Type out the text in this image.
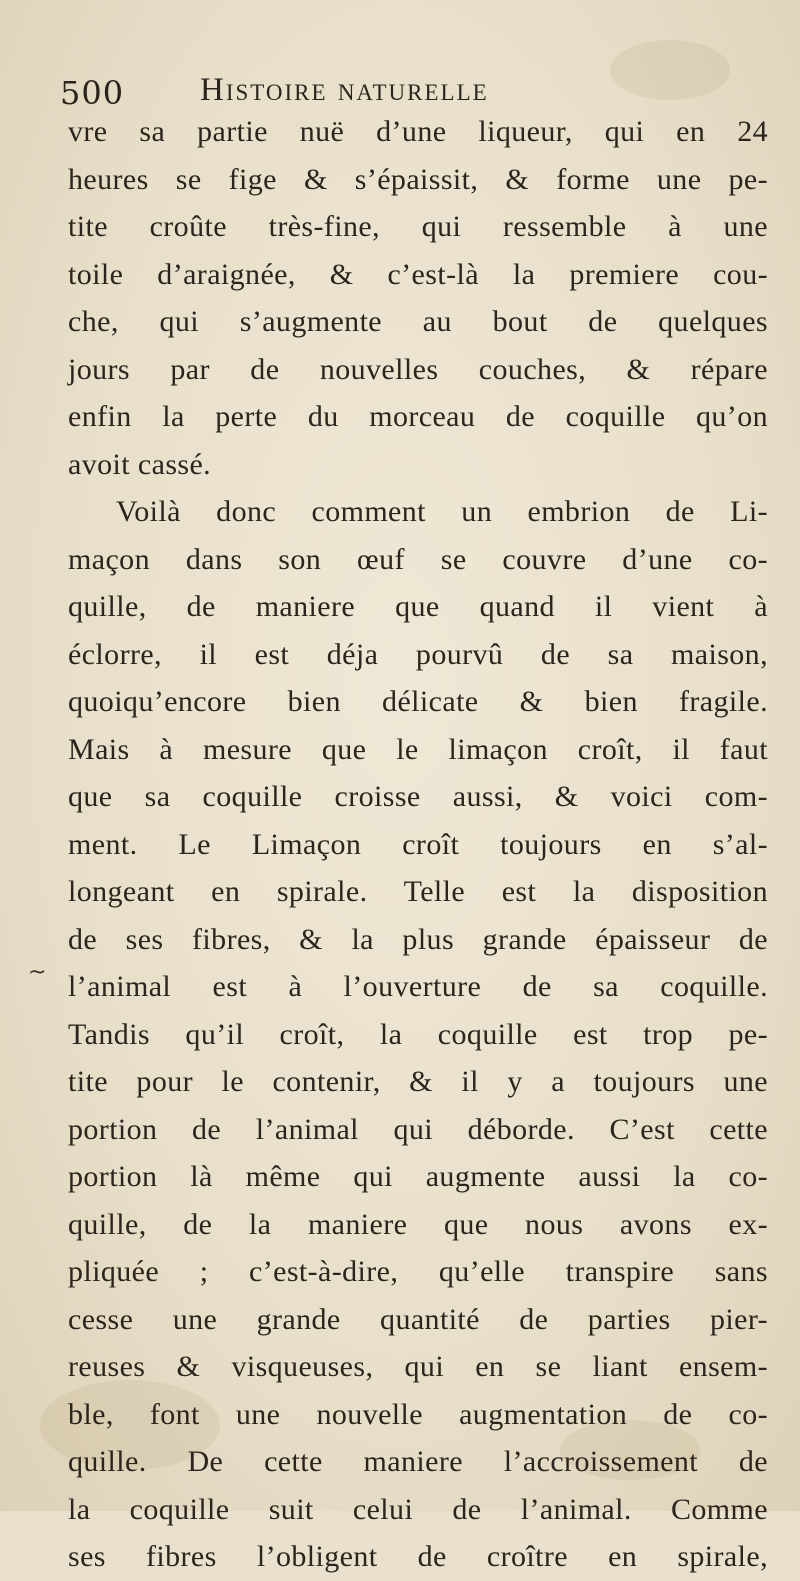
500 Histoire naturelle
~
vre sa partie nuë d’une liqueur, qui en 24
heures se fige & s’épaissit, & forme une pe-
tite croûte très-fine, qui ressemble à une
toile d’araignée, & c’est-là la premiere cou-
che, qui s’augmente au bout de quelques
jours par de nouvelles couches, & répare
enfin la perte du morceau de coquille qu’on
avoit cassé.
Voilà donc comment un embrion de Li-
maçon dans son œuf se couvre d’une co-
quille, de maniere que quand il vient à
éclorre, il est déja pourvû de sa maison,
quoiqu’encore bien délicate & bien fragile.
Mais à mesure que le limaçon croît, il faut
que sa coquille croisse aussi, & voici com-
ment. Le Limaçon croît toujours en s’al-
longeant en spirale. Telle est la disposition
de ses fibres, & la plus grande épaisseur de
l’animal est à l’ouverture de sa coquille.
Tandis qu’il croît, la coquille est trop pe-
tite pour le contenir, & il y a toujours une
portion de l’animal qui déborde. C’est cette
portion là même qui augmente aussi la co-
quille, de la maniere que nous avons ex-
pliquée ; c’est-à-dire, qu’elle transpire sans
cesse une grande quantité de parties pier-
reuses & visqueuses, qui en se liant ensem-
ble, font une nouvelle augmentation de co-
quille. De cette maniere l’accroissement de
la coquille suit celui de l’animal. Comme
ses fibres l’obligent de croître en spirale,
